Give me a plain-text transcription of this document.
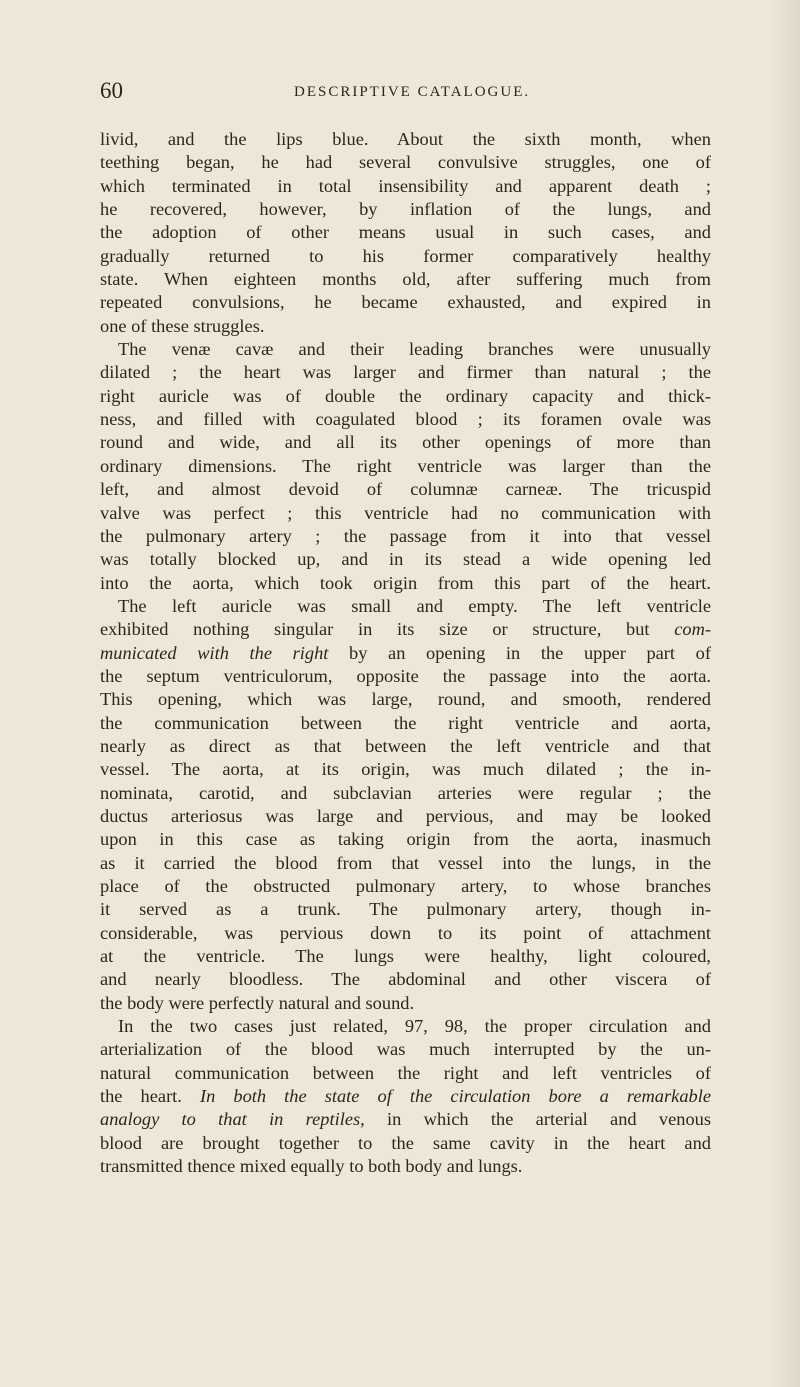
60	DESCRIPTIVE CATALOGUE.
livid, and the lips blue. About the sixth month, when
teething began, he had several convulsive struggles, one of
which terminated in total insensibility and apparent death ;
he recovered, however, by inflation of the lungs, and
the adoption of other means usual in such cases, and
gradually returned to his former comparatively healthy
state. When eighteen months old, after suffering much from
repeated convulsions, he became exhausted, and expired in
one of these struggles.
The venæ cavæ and their leading branches were unusually
dilated ; the heart was larger and firmer than natural ; the
right auricle was of double the ordinary capacity and thick-
ness, and filled with coagulated blood ; its foramen ovale was
round and wide, and all its other openings of more than
ordinary dimensions. The right ventricle was larger than the
left, and almost devoid of columnæ carneæ. The tricuspid
valve was perfect ; this ventricle had no communication with
the pulmonary artery ; the passage from it into that vessel
was totally blocked up, and in its stead a wide opening led
into the aorta, which took origin from this part of the heart.
The left auricle was small and empty. The left ventricle
exhibited nothing singular in its size or structure, but com-
municated with the right by an opening in the upper part of
the septum ventriculorum, opposite the passage into the aorta.
This opening, which was large, round, and smooth, rendered
the communication between the right ventricle and aorta,
nearly as direct as that between the left ventricle and that
vessel. The aorta, at its origin, was much dilated ; the in-
nominata, carotid, and subclavian arteries were regular ; the
ductus arteriosus was large and pervious, and may be looked
upon in this case as taking origin from the aorta, inasmuch
as it carried the blood from that vessel into the lungs, in the
place of the obstructed pulmonary artery, to whose branches
it served as a trunk. The pulmonary artery, though in-
considerable, was pervious down to its point of attachment
at the ventricle. The lungs were healthy, light coloured,
and nearly bloodless. The abdominal and other viscera of
the body were perfectly natural and sound.
In the two cases just related, 97, 98, the proper circulation and
arterialization of the blood was much interrupted by the un-
natural communication between the right and left ventricles of
the heart. In both the state of the circulation bore a remarkable
analogy to that in reptiles, in which the arterial and venous
blood are brought together to the same cavity in the heart and
transmitted thence mixed equally to both body and lungs.
